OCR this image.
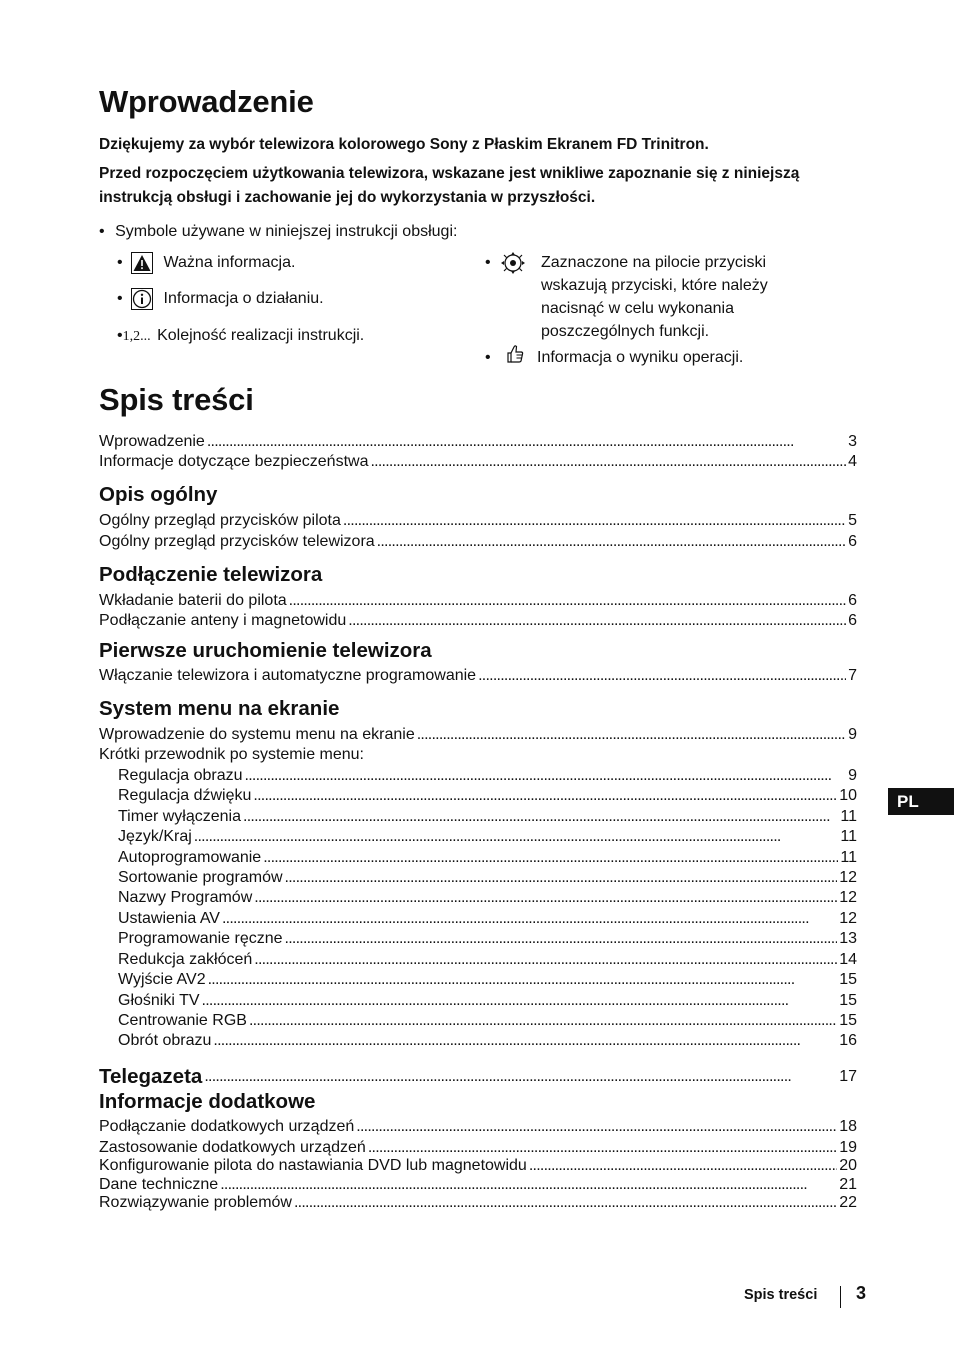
Wprowadzenie
Dziękujemy za wybór telewizora kolorowego Sony z Płaskim Ekranem FD Trinitron.
Przed rozpoczęciem użytkowania telewizora, wskazane jest wnikliwe zapoznanie się z niniejszą instrukcją obsługi i zachowanie jej do wykorzystania w przyszłości.
• Symbole używane w niniejszej instrukcji obsługi:
•	Ważna informacja.
•	Informacja o działaniu.
•1,2... Kolejność realizacji instrukcji.
•	Zaznaczone na pilocie przyciski wskazują przyciski, które należy nacisnąć w celu wykonania poszczególnych funkcji.
•	Informacja o wyniku operacji.
Spis treści
Wprowadzenie . . .	3
Informacje dotyczące bezpieczeństwa . . .	4
Opis ogólny
Ogólny przegląd przycisków pilota . . .	5
Ogólny przegląd przycisków telewizora . . .	6
Podłączenie telewizora
Wkładanie baterii do pilota . . .	6
Podłączanie anteny i magnetowidu . . .	6
Pierwsze uruchomienie telewizora
Włączanie telewizora i automatyczne programowanie . . .	7
System menu na ekranie
Wprowadzenie do systemu menu na ekranie . . .	9
Krótki przewodnik po systemie menu:
Regulacja obrazu . . .	9
Regulacja dźwięku . . .	10
Timer wyłączenia . . .	11
Język/Kraj . . .	11
Autoprogramowanie . . .	11
Sortowanie programów . . .	12
Nazwy Programów . . .	12
Ustawienia AV . . .	12
Programowanie ręczne . . .	13
Redukcja zakłóceń . . .	14
Wyjście AV2 . . .	15
Głośniki TV . . .	15
Centrowanie RGB . . .	15
Obrót obrazu . . .	16
Telegazeta . . .	17
Informacje dodatkowe
Podłączanie dodatkowych urządzeń . . .	18
Zastosowanie dodatkowych urządzeń . . .	19
Konfigurowanie pilota do nastawiania DVD lub magnetowidu . . .	20
Dane techniczne . . .	21
Rozwiązywanie problemów . . .	22
PL
Spis treści 3
